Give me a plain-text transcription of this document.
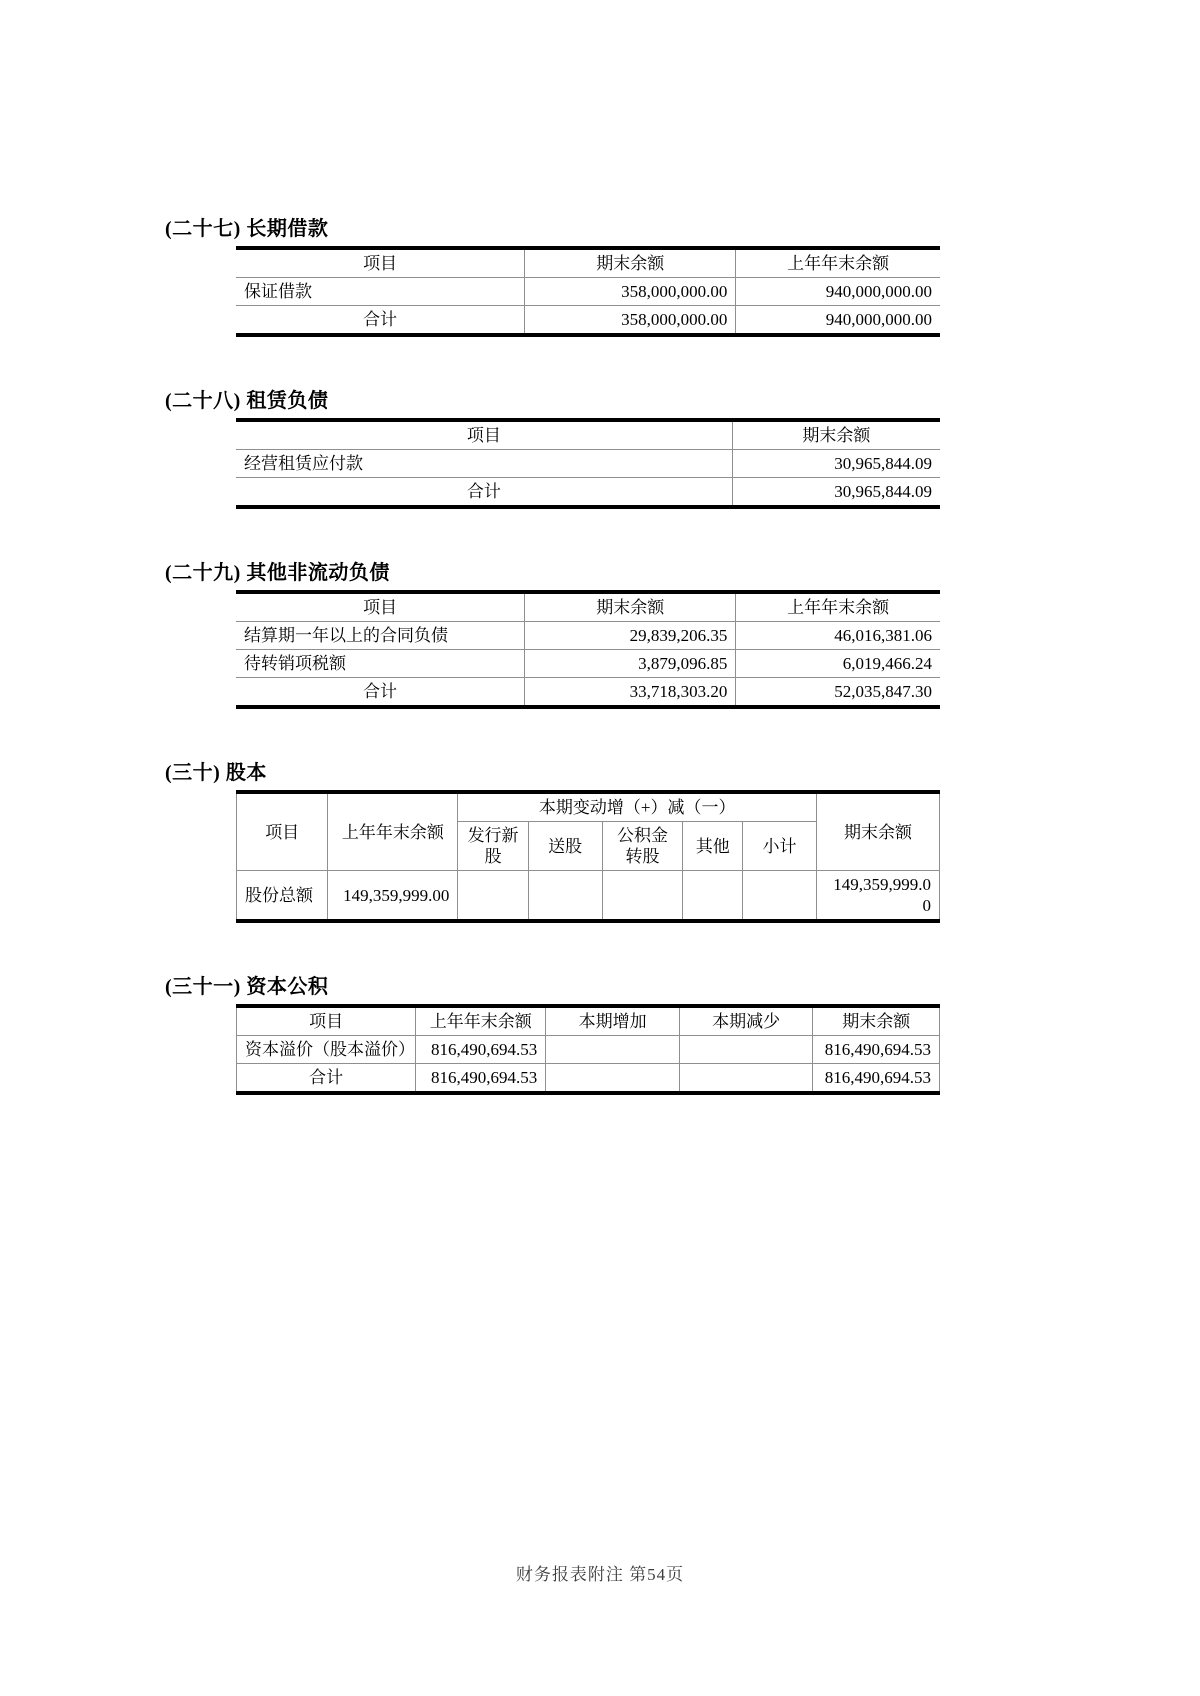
(二十七) 长期借款
项目	期末余额	上年年末余额
保证借款	358,000,000.00	940,000,000.00
合计	358,000,000.00	940,000,000.00
(二十八) 租赁负债
项目	期末余额
经营租赁应付款	30,965,844.09
合计	30,965,844.09
(二十九) 其他非流动负债
项目	期末余额	上年年末余额
结算期一年以上的合同负债	29,839,206.35	46,016,381.06
待转销项税额	3,879,096.85	6,019,466.24
合计	33,718,303.20	52,035,847.30
(三十) 股本
项目	上年年末余额	本期变动增（+）减（一）					期末余额
		发行新股	送股	公积金转股	其他	小计	
股份总额	149,359,999.00						149,359,999.00
(三十一) 资本公积
项目	上年年末余额	本期增加	本期减少	期末余额
资本溢价（股本溢价）	816,490,694.53			816,490,694.53
合计	816,490,694.53			816,490,694.53
财务报表附注 第54页
